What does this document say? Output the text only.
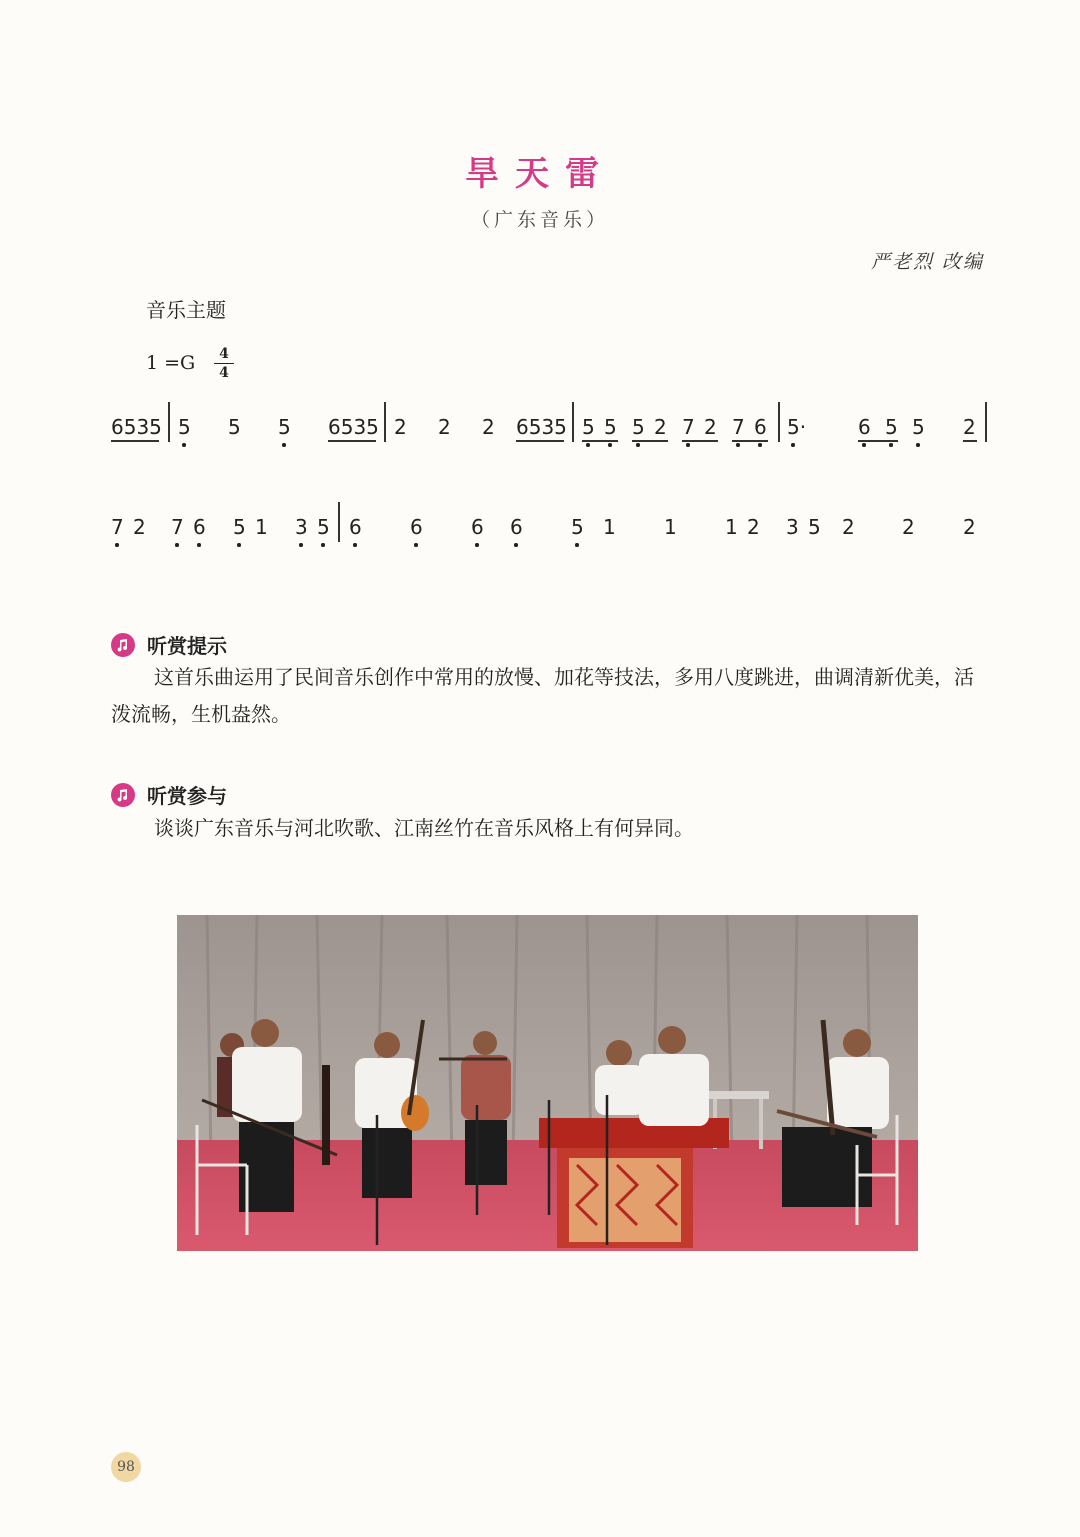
旱天雷
（广东音乐）
严老烈 改编
音乐主题
1 =G	4
4
6535 5 5 5 6535 2 2 2 6535 5 5 5 2 7 2 7 6 5·	6 5 5 2
7 2 7 6 5 1 3 5 6 6 6 6 5 1 1 1 2 3 5 2 2 2
听赏提示
这首乐曲运用了民间音乐创作中常用的放慢、加花等技法，多用八度跳进，曲调清新优美，活泼流畅，生机盎然。
听赏参与
谈谈广东音乐与河北吹歌、江南丝竹在音乐风格上有何异同。
98
